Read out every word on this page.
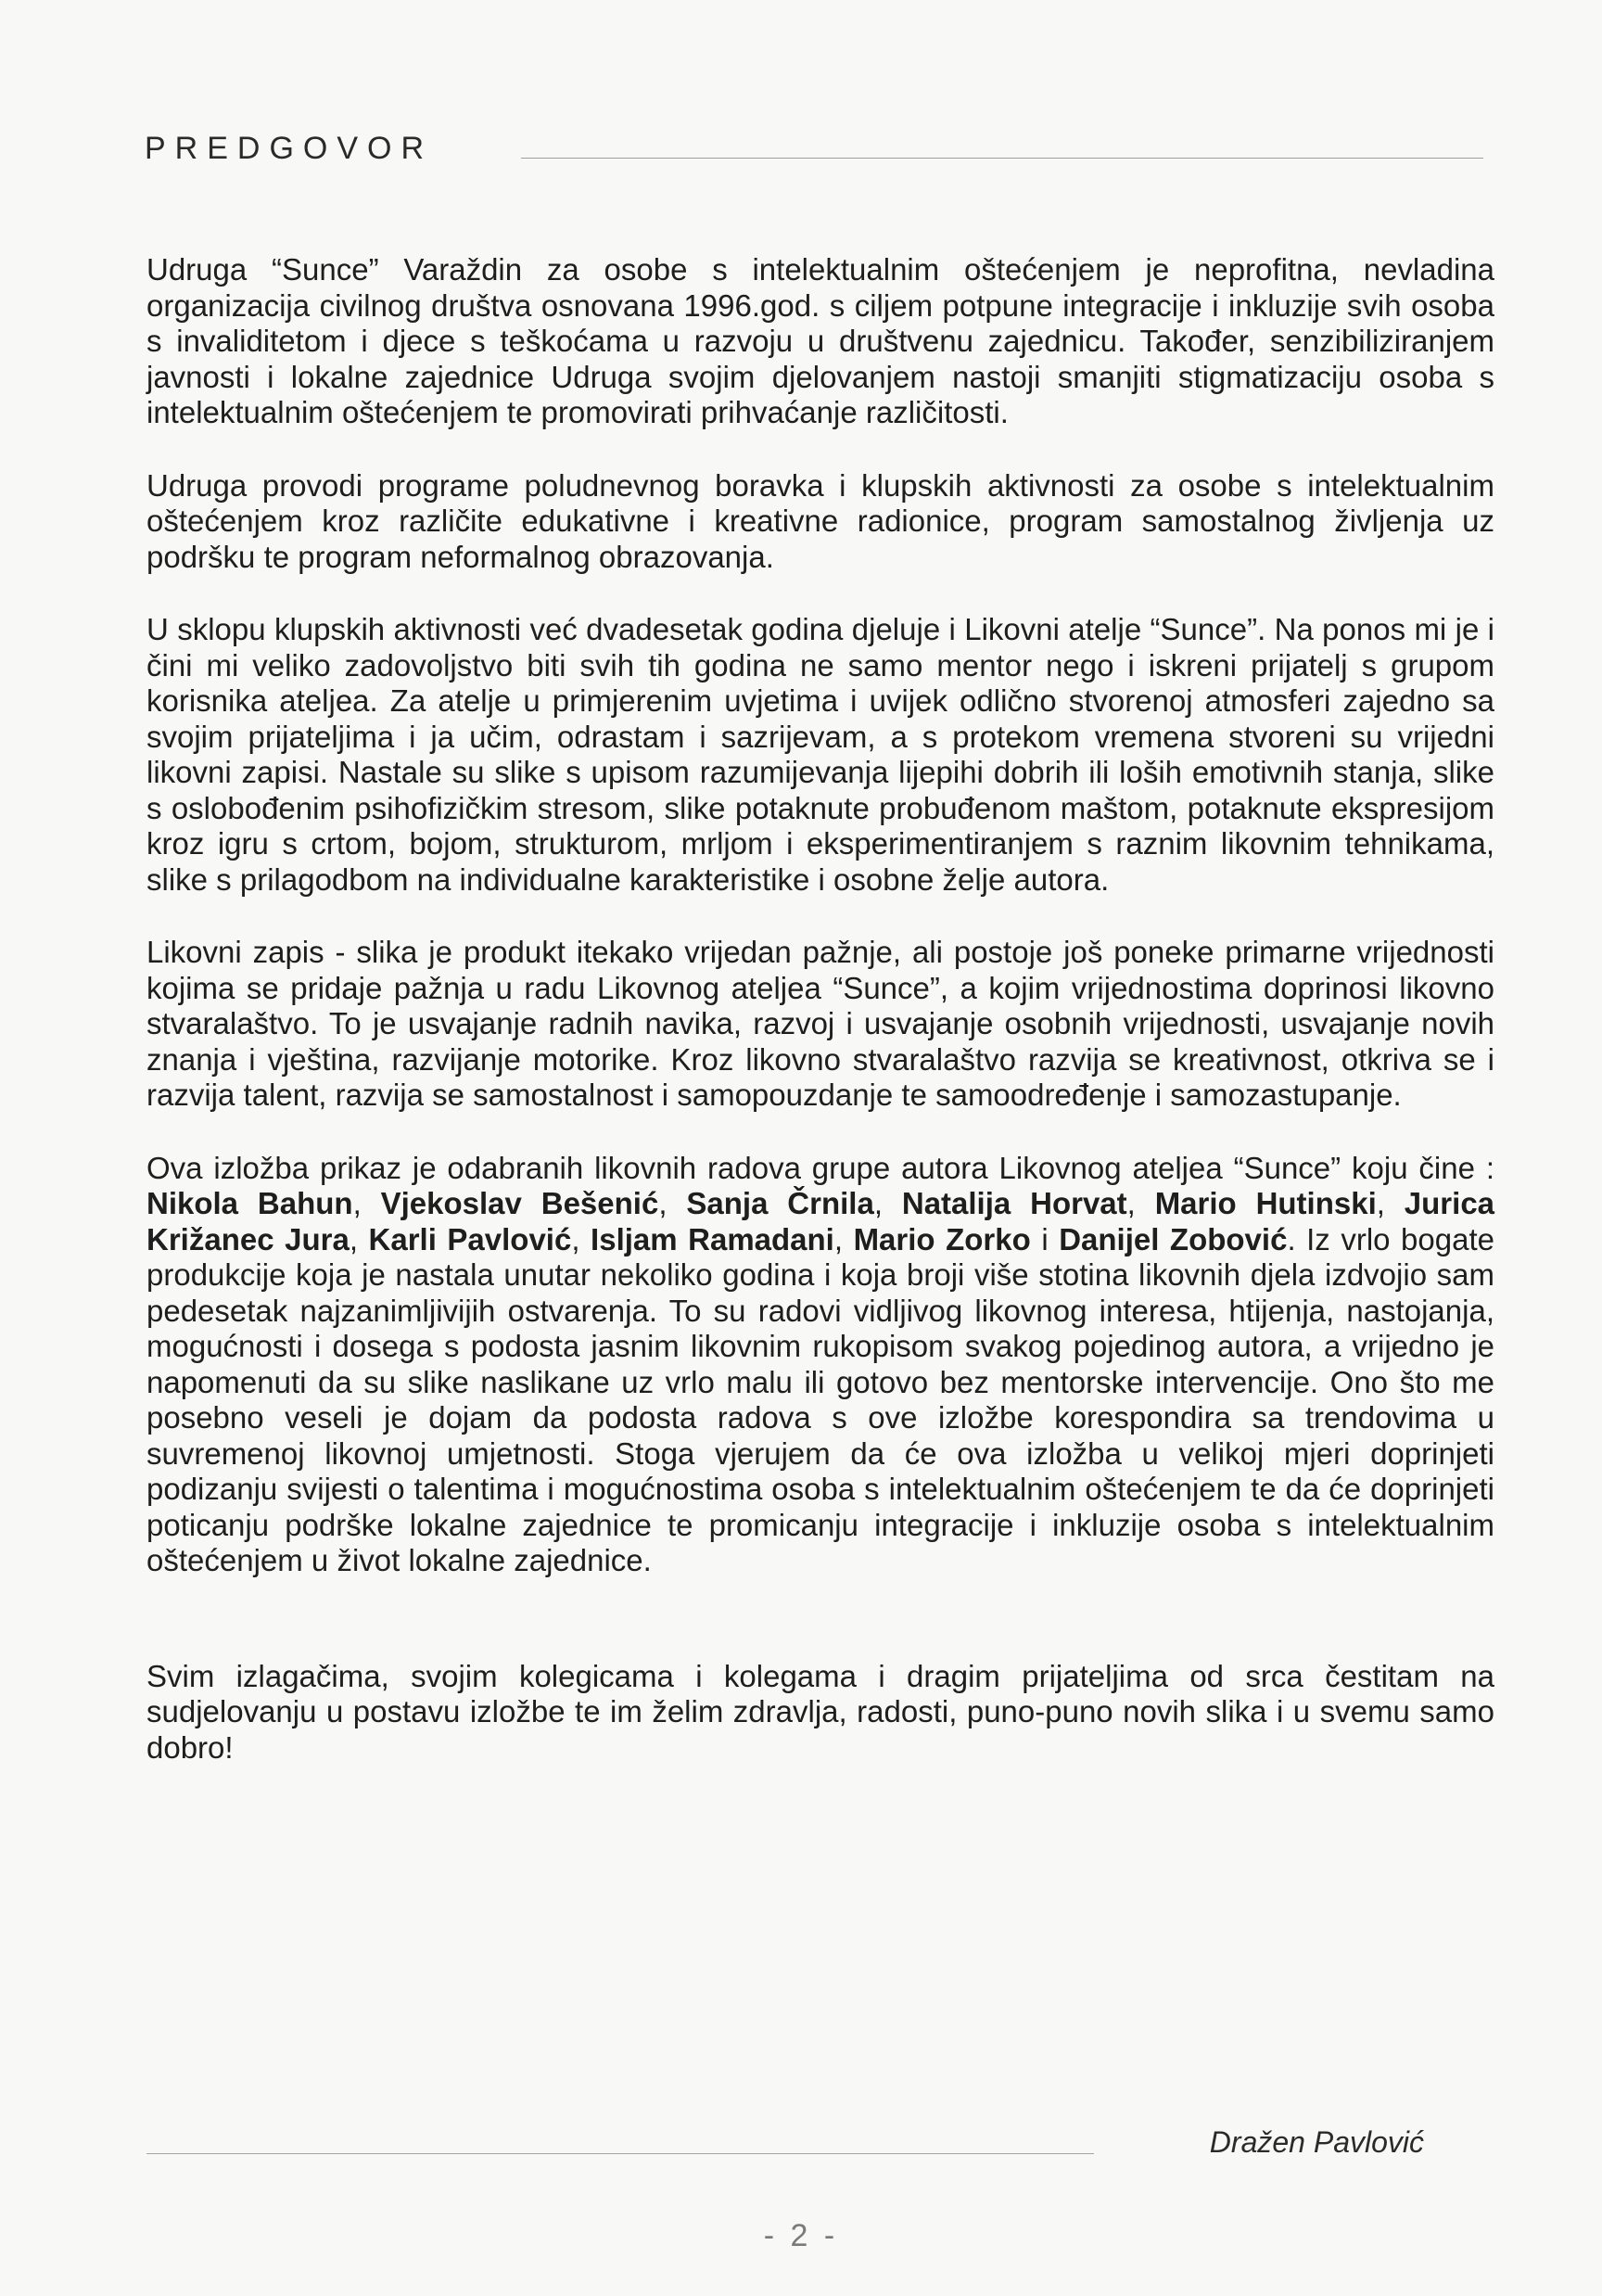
PREDGOVOR

Udruga “Sunce” Varaždin za osobe s intelektualnim oštećenjem je neprofitna, nevladina organizacija civilnog društva osnovana 1996.god. s ciljem potpune integracije i inkluzije svih osoba s invaliditetom i djece s teškoćama u razvoju u društvenu zajednicu. Također, senzibiliziranjem javnosti i lokalne zajednice Udruga svojim djelovanjem nastoji smanjiti stigmatizaciju osoba s intelektualnim oštećenjem te promovirati prihvaćanje različitosti.

Udruga provodi programe poludnevnog boravka i klupskih aktivnosti za osobe s intelektualnim oštećenjem kroz različite edukativne i kreativne radionice, program samostalnog življenja uz podršku te program neformalnog obrazovanja.

U sklopu klupskih aktivnosti već dvadesetak godina djeluje i Likovni atelje “Sunce”. Na ponos mi je i čini mi veliko zadovoljstvo biti svih tih godina ne samo mentor nego i iskreni prijatelj s grupom korisnika ateljea. Za atelje u primjerenim uvjetima i uvijek odlično stvorenoj atmosferi zajedno sa svojim prijateljima i ja učim, odrastam i sazrijevam, a s protekom vremena stvoreni su vrijedni likovni zapisi. Nastale su slike s upisom razumijevanja lijepihi dobrih ili loših emotivnih stanja, slike s oslobođenim psihofizičkim stresom, slike potaknute probuđenom maštom, potaknute ekspresijom kroz igru s crtom, bojom, strukturom, mrljom i eksperimentiranjem s raznim likovnim tehnikama, slike s prilagodbom na individualne karakteristike i osobne želje autora.

Likovni zapis - slika je produkt itekako vrijedan pažnje, ali postoje još poneke primarne vrijednosti kojima se pridaje pažnja u radu Likovnog ateljea “Sunce”, a kojim vrijednostima doprinosi likovno stvaralaštvo. To je usvajanje radnih navika, razvoj i usvajanje osobnih vrijednosti, usvajanje novih znanja i vještina, razvijanje motorike. Kroz likovno stvaralaštvo razvija se kreativnost, otkriva se i razvija talent, razvija se samostalnost i samopouzdanje te samoodređenje i samozastupanje.

Ova izložba prikaz je odabranih likovnih radova grupe autora Likovnog ateljea “Sunce” koju čine : Nikola Bahun, Vjekoslav Bešenić, Sanja Črnila, Natalija Horvat, Mario Hutinski, Jurica Križanec Jura, Karli Pavlović, Isljam Ramadani, Mario Zorko i Danijel Zobović. Iz vrlo bogate produkcije koja je nastala unutar nekoliko godina i koja broji više stotina likovnih djela izdvojio sam pedesetak najzanimljivijih ostvarenja. To su radovi vidljivog likovnog interesa, htijenja, nastojanja, mogućnosti i dosega s podosta jasnim likovnim rukopisom svakog pojedinog autora, a vrijedno je napomenuti da su slike naslikane uz vrlo malu ili gotovo bez mentorske intervencije. Ono što me posebno veseli je dojam da podosta radova s ove izložbe korespondira sa trendovima u suvremenoj likovnoj umjetnosti. Stoga vjerujem da će ova izložba u velikoj mjeri doprinjeti podizanju svijesti o talentima i mogućnostima osoba s intelektualnim oštećenjem te da će doprinjeti poticanju podrške lokalne zajednice te promicanju integracije i inkluzije osoba s intelektualnim oštećenjem u život lokalne zajednice.

Svim izlagačima, svojim kolegicama i kolegama i dragim prijateljima od srca čestitam na sudjelovanju u postavu izložbe te im želim zdravlja, radosti, puno-puno novih slika i u svemu samo dobro!

Dražen Pavlović
- 2 -
